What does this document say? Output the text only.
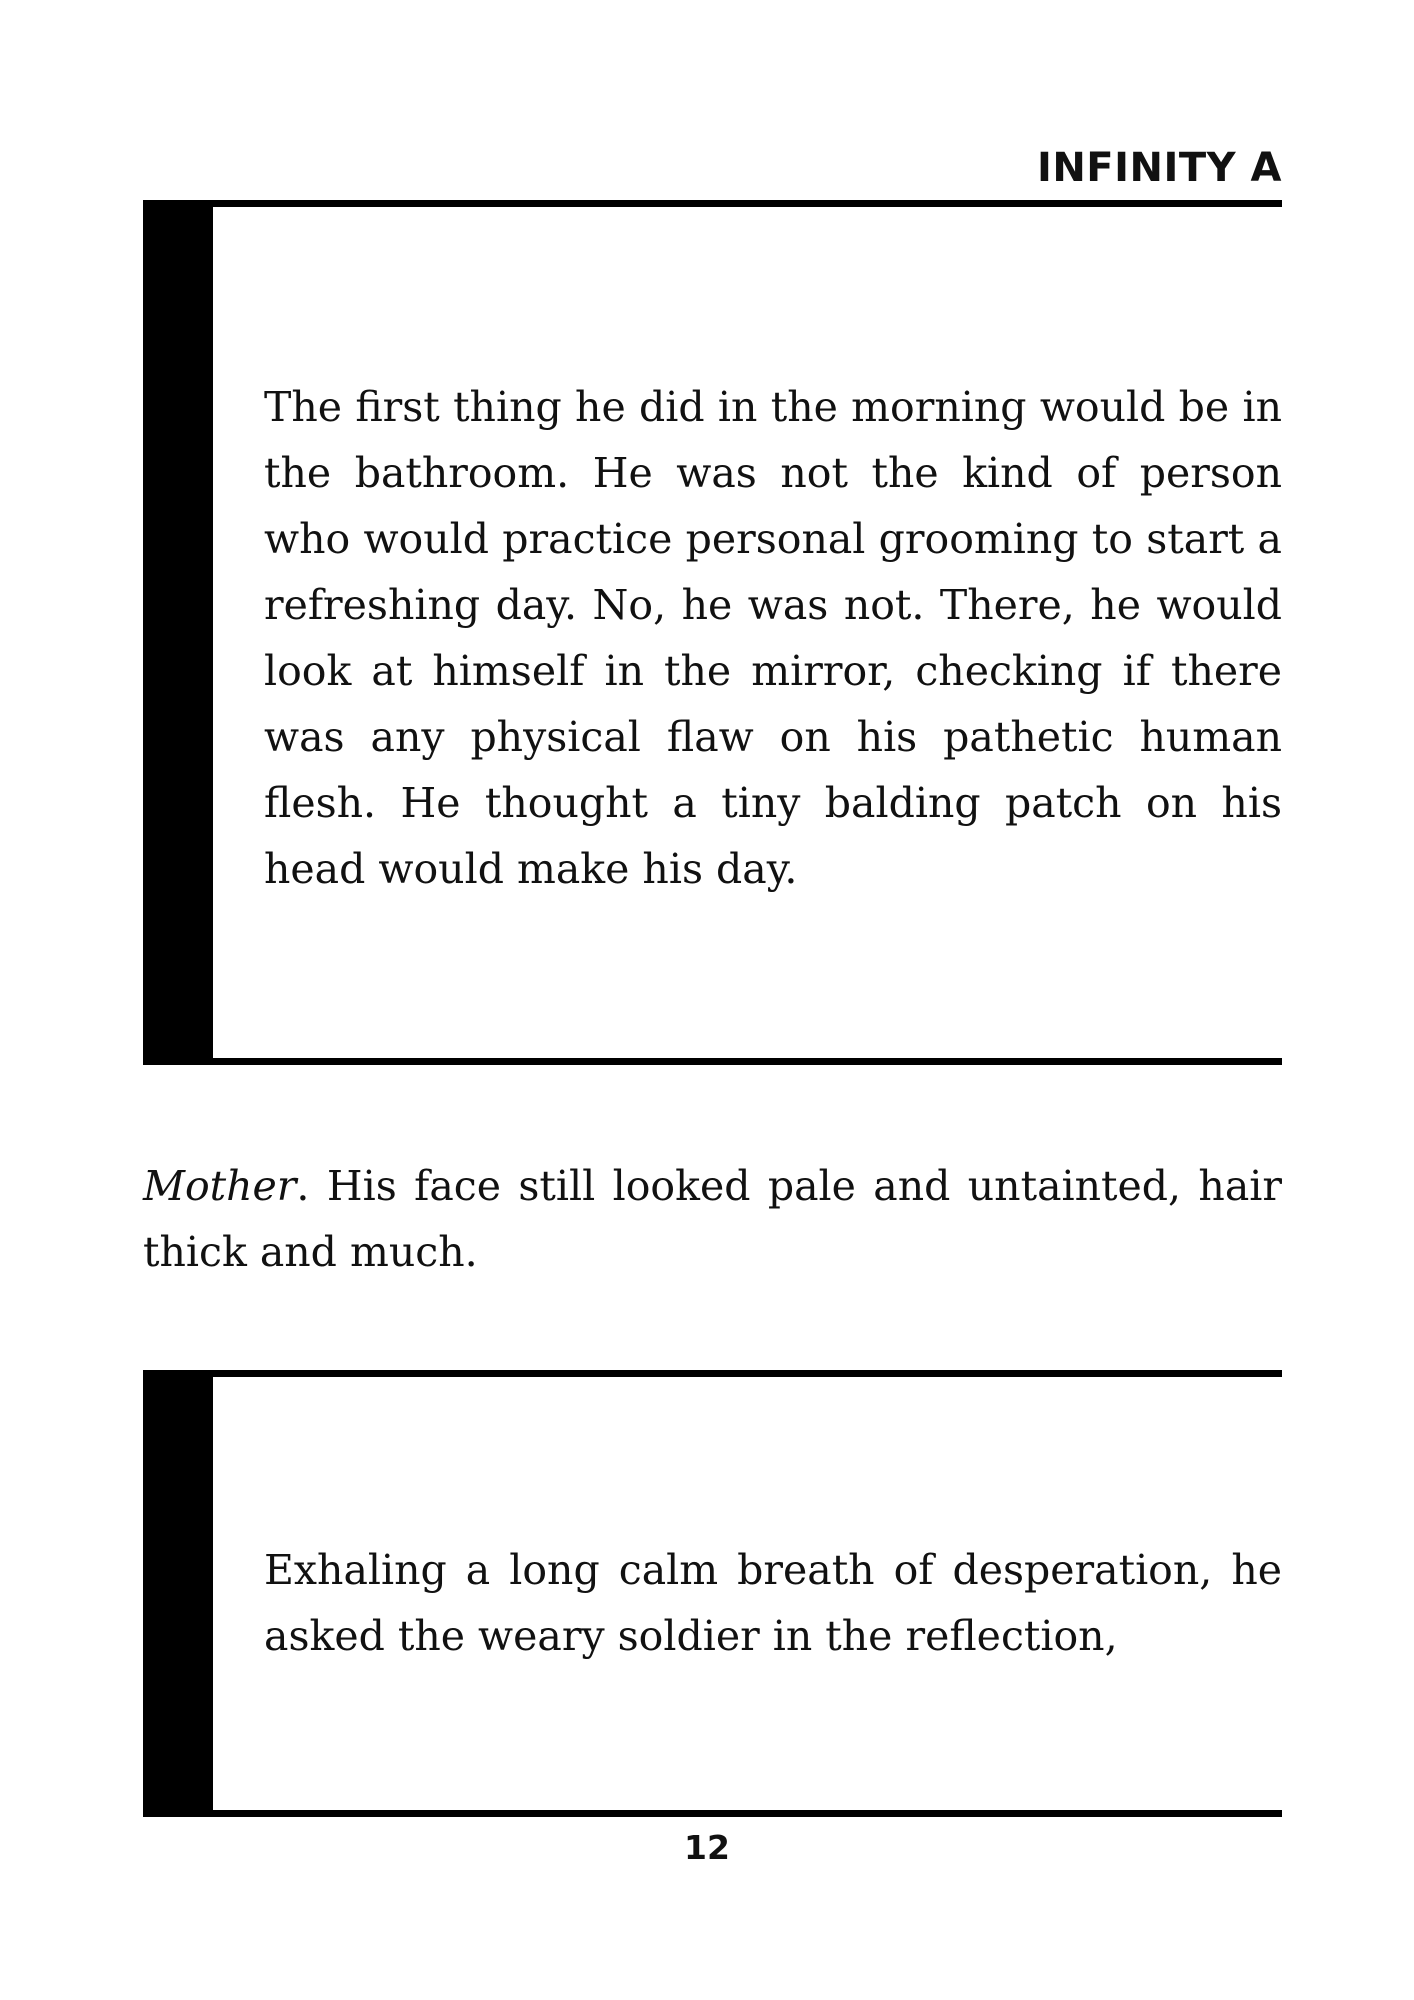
INFINITY A

The first thing he did in the morning would be in the bathroom. He was not the kind of person who would practice personal grooming to start a refreshing day. No, he was not. There, he would look at himself in the mirror, checking if there was any physical flaw on his pathetic human flesh. He thought a tiny balding patch on his head would make his day.

Mother. His face still looked pale and untainted, hair thick and much.

Exhaling a long calm breath of desperation, he asked the weary soldier in the reflection,

12
